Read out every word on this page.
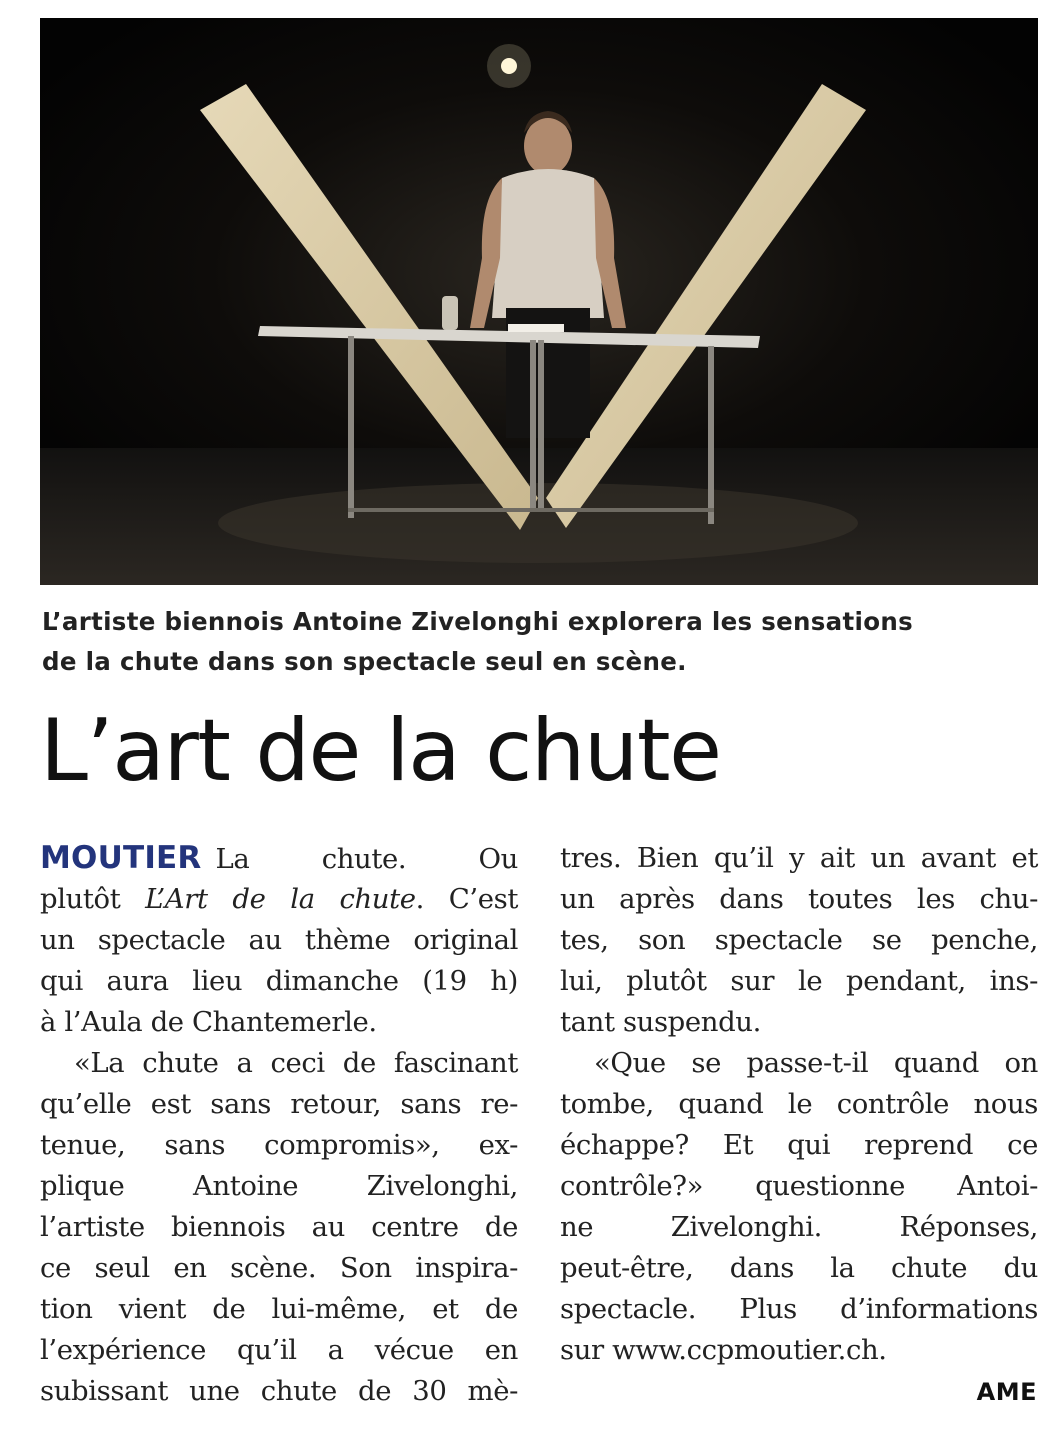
L’artiste biennois Antoine Zivelonghi explorera les sensations
de la chute dans son spectacle seul en scène.

L’art de la chute
MOUTIER La chute. Ou
plutôt L’Art de la chute. C’est
un spectacle au thème original
qui aura lieu dimanche (19 h)
à l’Aula de Chantemerle.
«La chute a ceci de fascinant
qu’elle est sans retour, sans re-
tenue, sans compromis», ex-
plique Antoine Zivelonghi,
l’artiste biennois au centre de
ce seul en scène. Son inspira-
tion vient de lui-même, et de
l’expérience qu’il a vécue en
subissant une chute de 30 mè-
tres. Bien qu’il y ait un avant et
un après dans toutes les chu-
tes, son spectacle se penche,
lui, plutôt sur le pendant, ins-
tant suspendu.
«Que se passe-t-il quand on
tombe, quand le contrôle nous
échappe? Et qui reprend ce
contrôle?» questionne Antoi-
ne Zivelonghi. Réponses,
peut-être, dans la chute du
spectacle. Plus d’informations
sur www.ccpmoutier.ch.
AME
